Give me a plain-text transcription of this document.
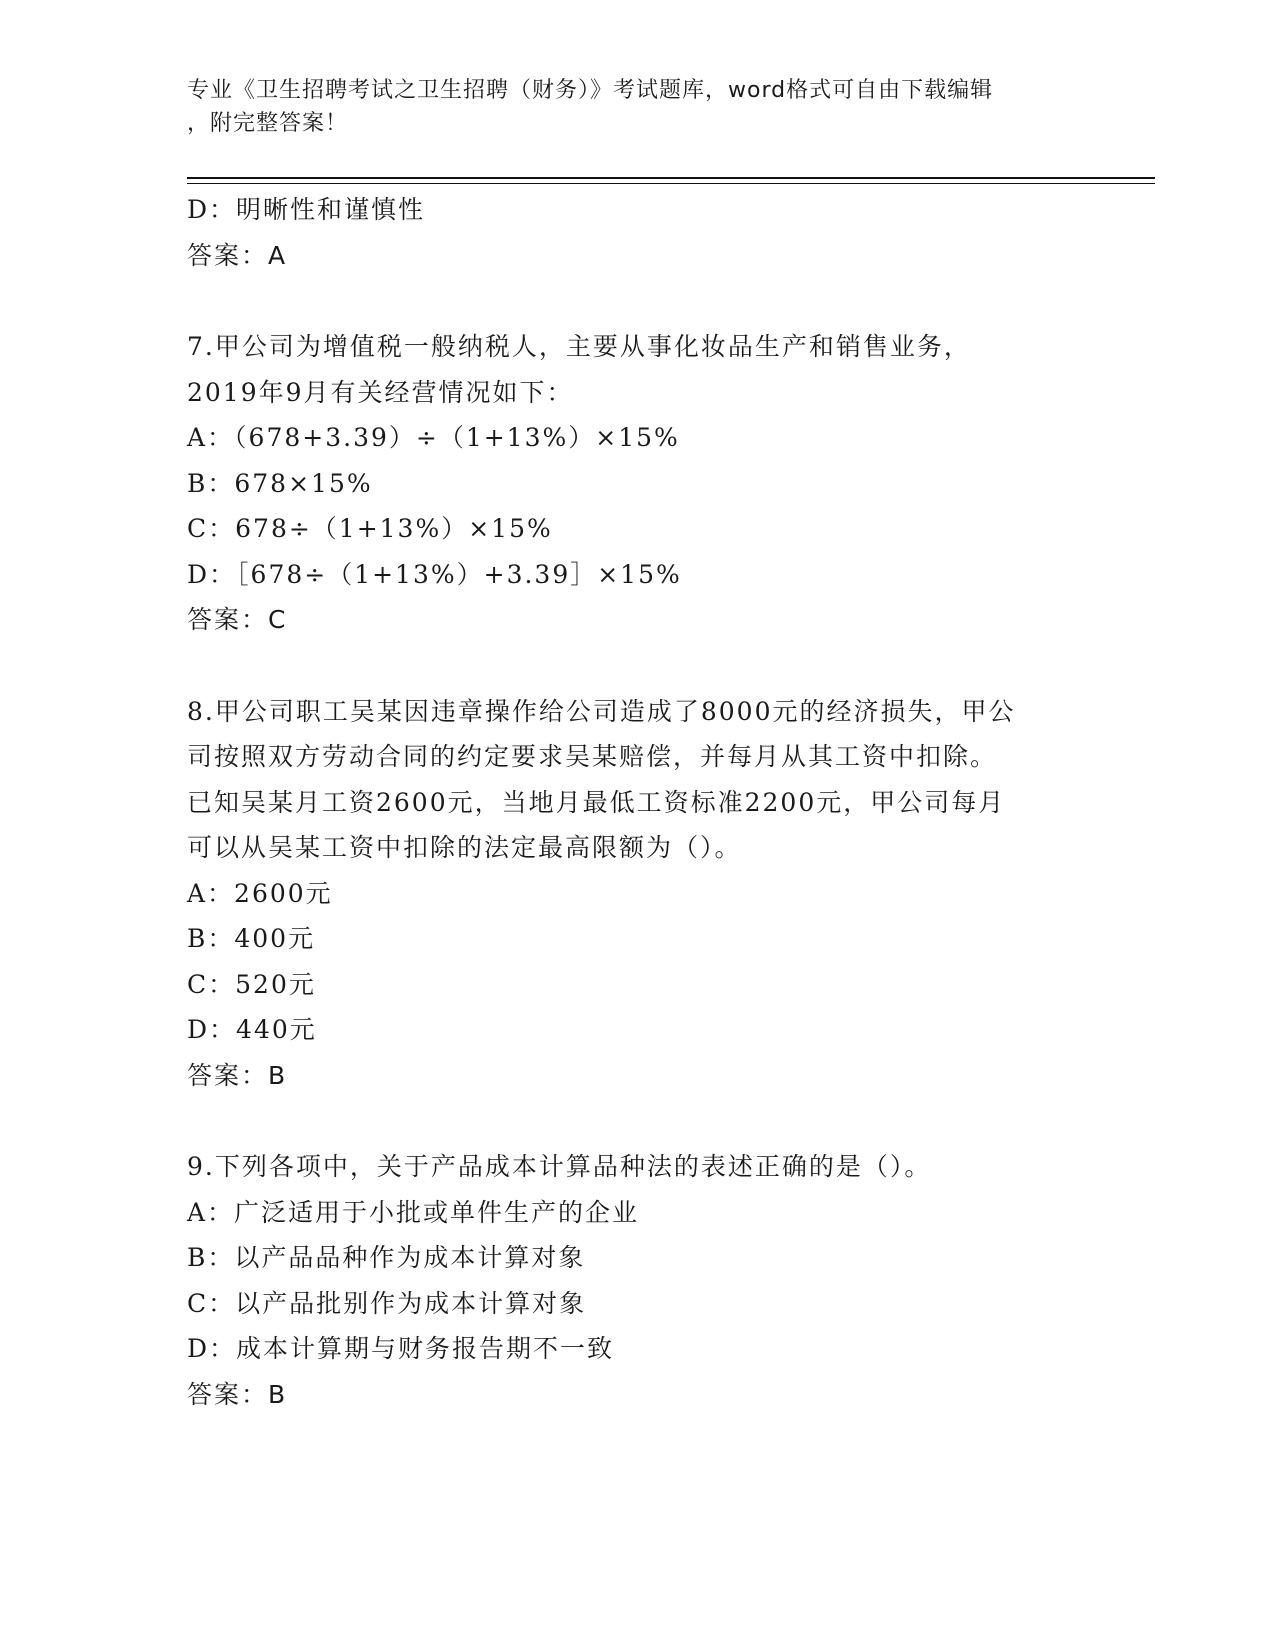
专业《卫生招聘考试之卫生招聘（财务）》考试题库，word格式可自由下载编辑
，附完整答案！
D：明晰性和谨慎性
答案：A
7.甲公司为增值税一般纳税人，主要从事化妆品生产和销售业务，
2019年9月有关经营情况如下：
A：（678+3.39）÷（1+13%）×15%
B：678×15%
C：678÷（1+13%）×15%
D：［678÷（1+13%）+3.39］×15%
答案：C
8.甲公司职工吴某因违章操作给公司造成了8000元的经济损失，甲公
司按照双方劳动合同的约定要求吴某赔偿，并每月从其工资中扣除。
已知吴某月工资2600元，当地月最低工资标准2200元，甲公司每月
可以从吴某工资中扣除的法定最高限额为（）。
A：2600元
B：400元
C：520元
D：440元
答案：B
9.下列各项中，关于产品成本计算品种法的表述正确的是（）。
A：广泛适用于小批或单件生产的企业
B：以产品品种作为成本计算对象
C：以产品批别作为成本计算对象
D：成本计算期与财务报告期不一致
答案：B
